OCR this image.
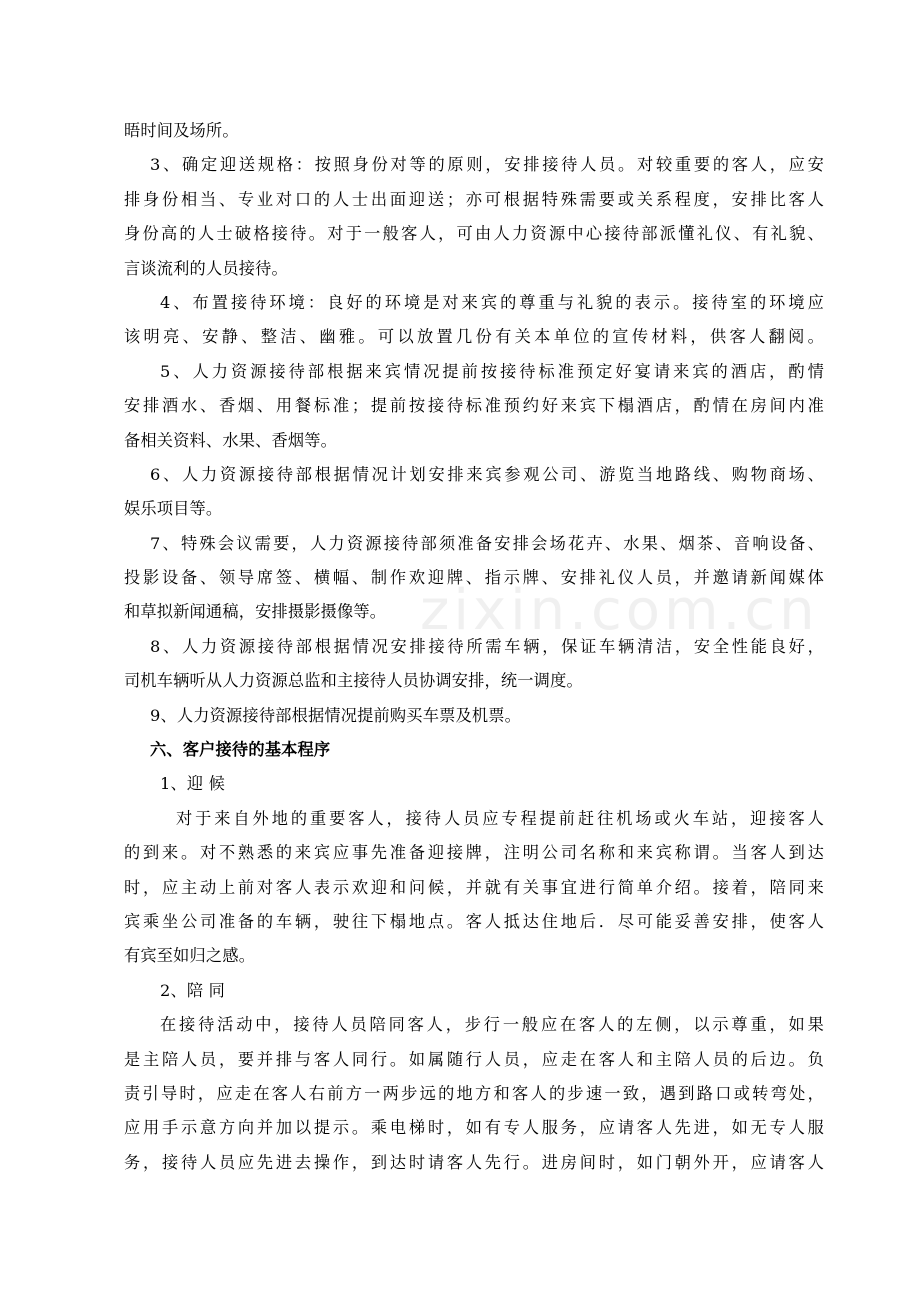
zixin.com.cn
晤时间及场所。
3、确定迎送规格：按照身份对等的原则，安排接待人员。对较重要的客人，应安
排身份相当、专业对口的人士出面迎送；亦可根据特殊需要或关系程度，安排比客人
身份高的人士破格接待。对于一般客人，可由人力资源中心接待部派懂礼仪、有礼貌、
言谈流利的人员接待。
4、布置接待环境：良好的环境是对来宾的尊重与礼貌的表示。接待室的环境应
该明亮、安静、整洁、幽雅。可以放置几份有关本单位的宣传材料，供客人翻阅。
5、人力资源接待部根据来宾情况提前按接待标准预定好宴请来宾的酒店，酌情
安排酒水、香烟、用餐标准；提前按接待标准预约好来宾下榻酒店，酌情在房间内准
备相关资料、水果、香烟等。
6、人力资源接待部根据情况计划安排来宾参观公司、游览当地路线、购物商场、
娱乐项目等。
7、特殊会议需要，人力资源接待部须准备安排会场花卉、水果、烟茶、音响设备、
投影设备、领导席签、横幅、制作欢迎牌、指示牌、安排礼仪人员，并邀请新闻媒体
和草拟新闻通稿，安排摄影摄像等。
8、人力资源接待部根据情况安排接待所需车辆，保证车辆清洁，安全性能良好，
司机车辆听从人力资源总监和主接待人员协调安排，统一调度。
9、人力资源接待部根据情况提前购买车票及机票。
六、客户接待的基本程序
1、迎 候
对于来自外地的重要客人，接待人员应专程提前赶往机场或火车站，迎接客人
的到来。对不熟悉的来宾应事先准备迎接牌，注明公司名称和来宾称谓。当客人到达
时，应主动上前对客人表示欢迎和问候，并就有关事宜进行简单介绍。接着，陪同来
宾乘坐公司准备的车辆，驶往下榻地点。客人抵达住地后．尽可能妥善安排，使客人
有宾至如归之感。
2、陪 同
在接待活动中，接待人员陪同客人，步行一般应在客人的左侧，以示尊重，如果
是主陪人员，要并排与客人同行。如属随行人员，应走在客人和主陪人员的后边。负
责引导时，应走在客人右前方一两步远的地方和客人的步速一致，遇到路口或转弯处，
应用手示意方向并加以提示。乘电梯时，如有专人服务，应请客人先进，如无专人服
务，接待人员应先进去操作，到达时请客人先行。进房间时，如门朝外开，应请客人
